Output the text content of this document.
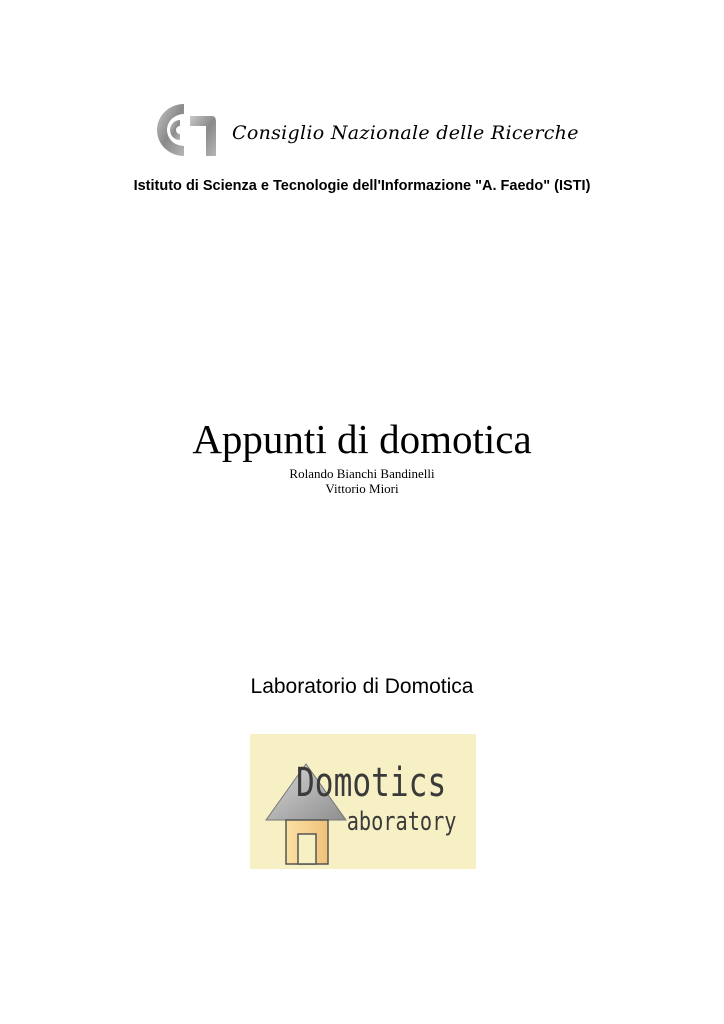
Consiglio Nazionale delle Ricerche
Istituto di Scienza e Tecnologie dell'Informazione "A. Faedo" (ISTI)
Appunti di domotica
Rolando Bianchi Bandinelli
Vittorio Miori
Laboratorio di Domotica
Domotics
aboratory
